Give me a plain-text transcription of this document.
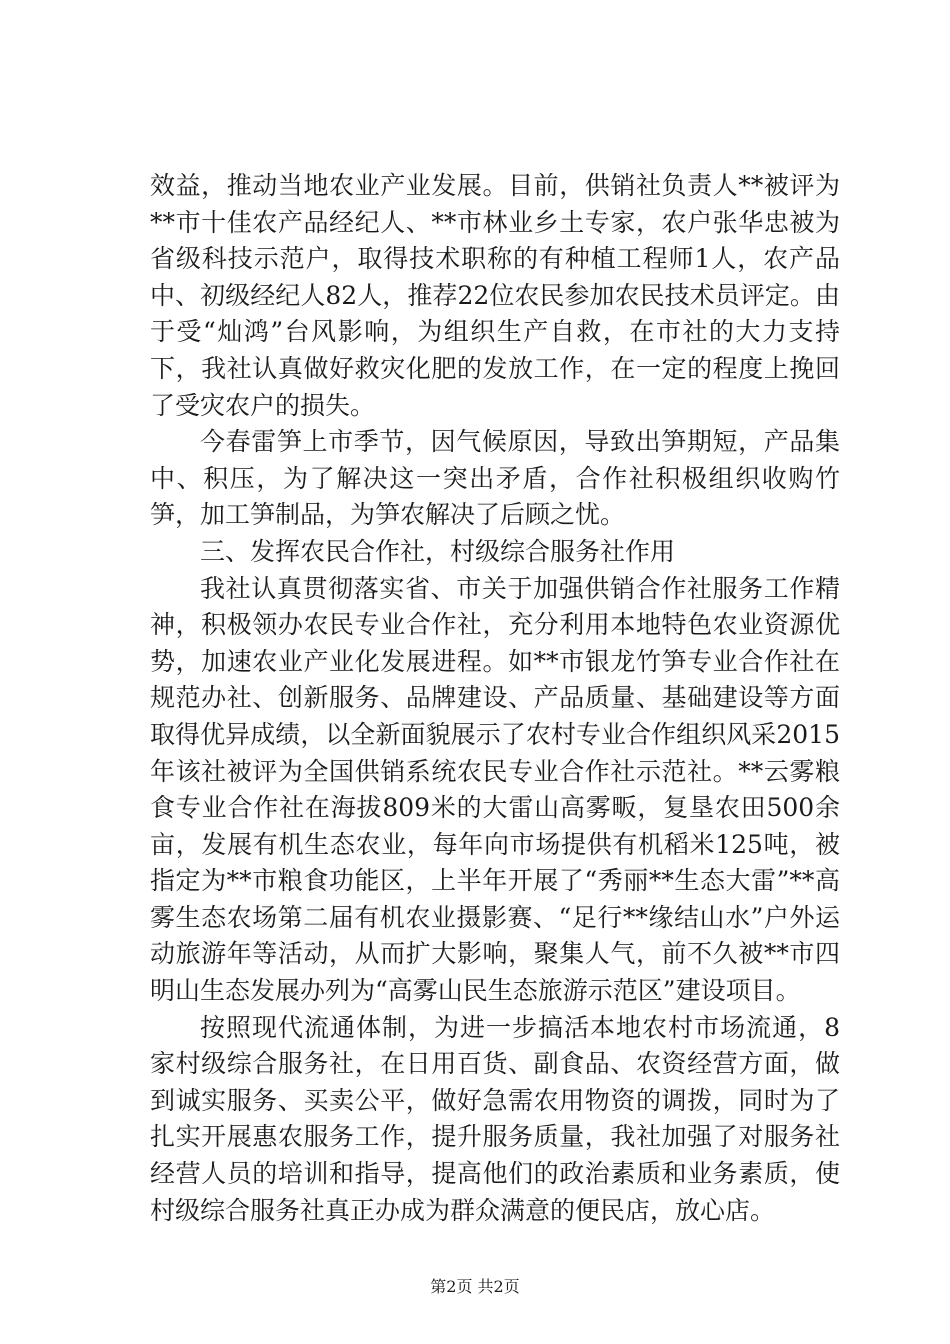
效益，推动当地农业产业发展。目前，供销社负责人**被评为**市十佳农产品经纪人、**市林业乡土专家，农户张华忠被为省级科技示范户，取得技术职称的有种植工程师1人，农产品中、初级经纪人82人，推荐22位农民参加农民技术员评定。由于受“灿鸿”台风影响，为组织生产自救，在市社的大力支持下，我社认真做好救灾化肥的发放工作，在一定的程度上挽回了受灾农户的损失。

今春雷笋上市季节，因气候原因，导致出笋期短，产品集中、积压，为了解决这一突出矛盾，合作社积极组织收购竹笋，加工笋制品，为笋农解决了后顾之忧。

三、发挥农民合作社，村级综合服务社作用

我社认真贯彻落实省、市关于加强供销合作社服务工作精神，积极领办农民专业合作社，充分利用本地特色农业资源优势，加速农业产业化发展进程。如**市银龙竹笋专业合作社在规范办社、创新服务、品牌建设、产品质量、基础建设等方面取得优异成绩，以全新面貌展示了农村专业合作组织风采2015年该社被评为全国供销系统农民专业合作社示范社。**云雾粮食专业合作社在海拔809米的大雷山高雾畈，复垦农田500余亩，发展有机生态农业，每年向市场提供有机稻米125吨，被指定为**市粮食功能区，上半年开展了“秀丽**生态大雷”**高雾生态农场第二届有机农业摄影赛、“足行**缘结山水”户外运动旅游年等活动，从而扩大影响，聚集人气，前不久被**市四明山生态发展办列为“高雾山民生态旅游示范区”建设项目。

按照现代流通体制，为进一步搞活本地农村市场流通，8家村级综合服务社，在日用百货、副食品、农资经营方面，做到诚实服务、买卖公平，做好急需农用物资的调拨，同时为了扎实开展惠农服务工作，提升服务质量，我社加强了对服务社经营人员的培训和指导，提高他们的政治素质和业务素质，使村级综合服务社真正办成为群众满意的便民店，放心店。

第2页 共2页
